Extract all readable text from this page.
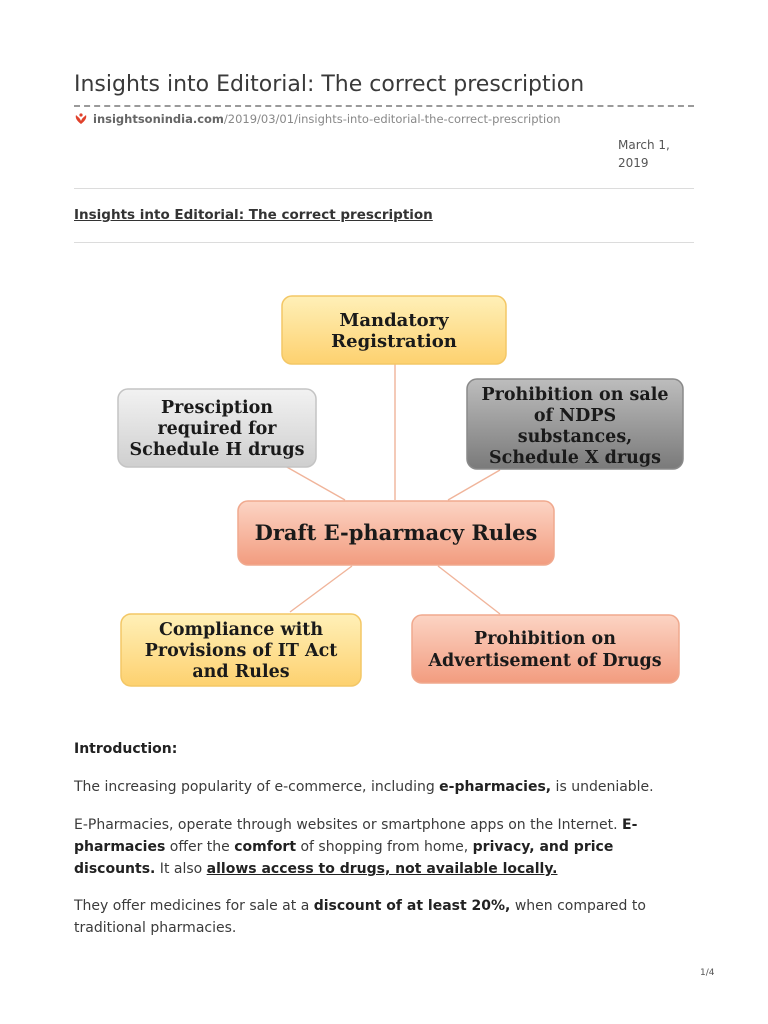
Insights into Editorial: The correct prescription
insightsonindia.com /2019/03/01/insights-into-editorial-the-correct-prescription
March 1,
2019
Insights into Editorial: The correct prescription
Mandatory
Registration
Presciption
required for
Schedule H drugs
Prohibition on sale
of NDPS
substances,
Schedule X drugs
Draft E-pharmacy Rules
Compliance with
Provisions of IT Act
and Rules
Prohibition on
Advertisement of Drugs

Introduction:

The increasing popularity of e-commerce, including e-pharmacies, is undeniable.

E-Pharmacies, operate through websites or smartphone apps on the Internet. E-pharmacies offer the comfort of shopping from home, privacy, and price discounts. It also allows access to drugs, not available locally.

They offer medicines for sale at a discount of at least 20%, when compared to traditional pharmacies.

1/4
